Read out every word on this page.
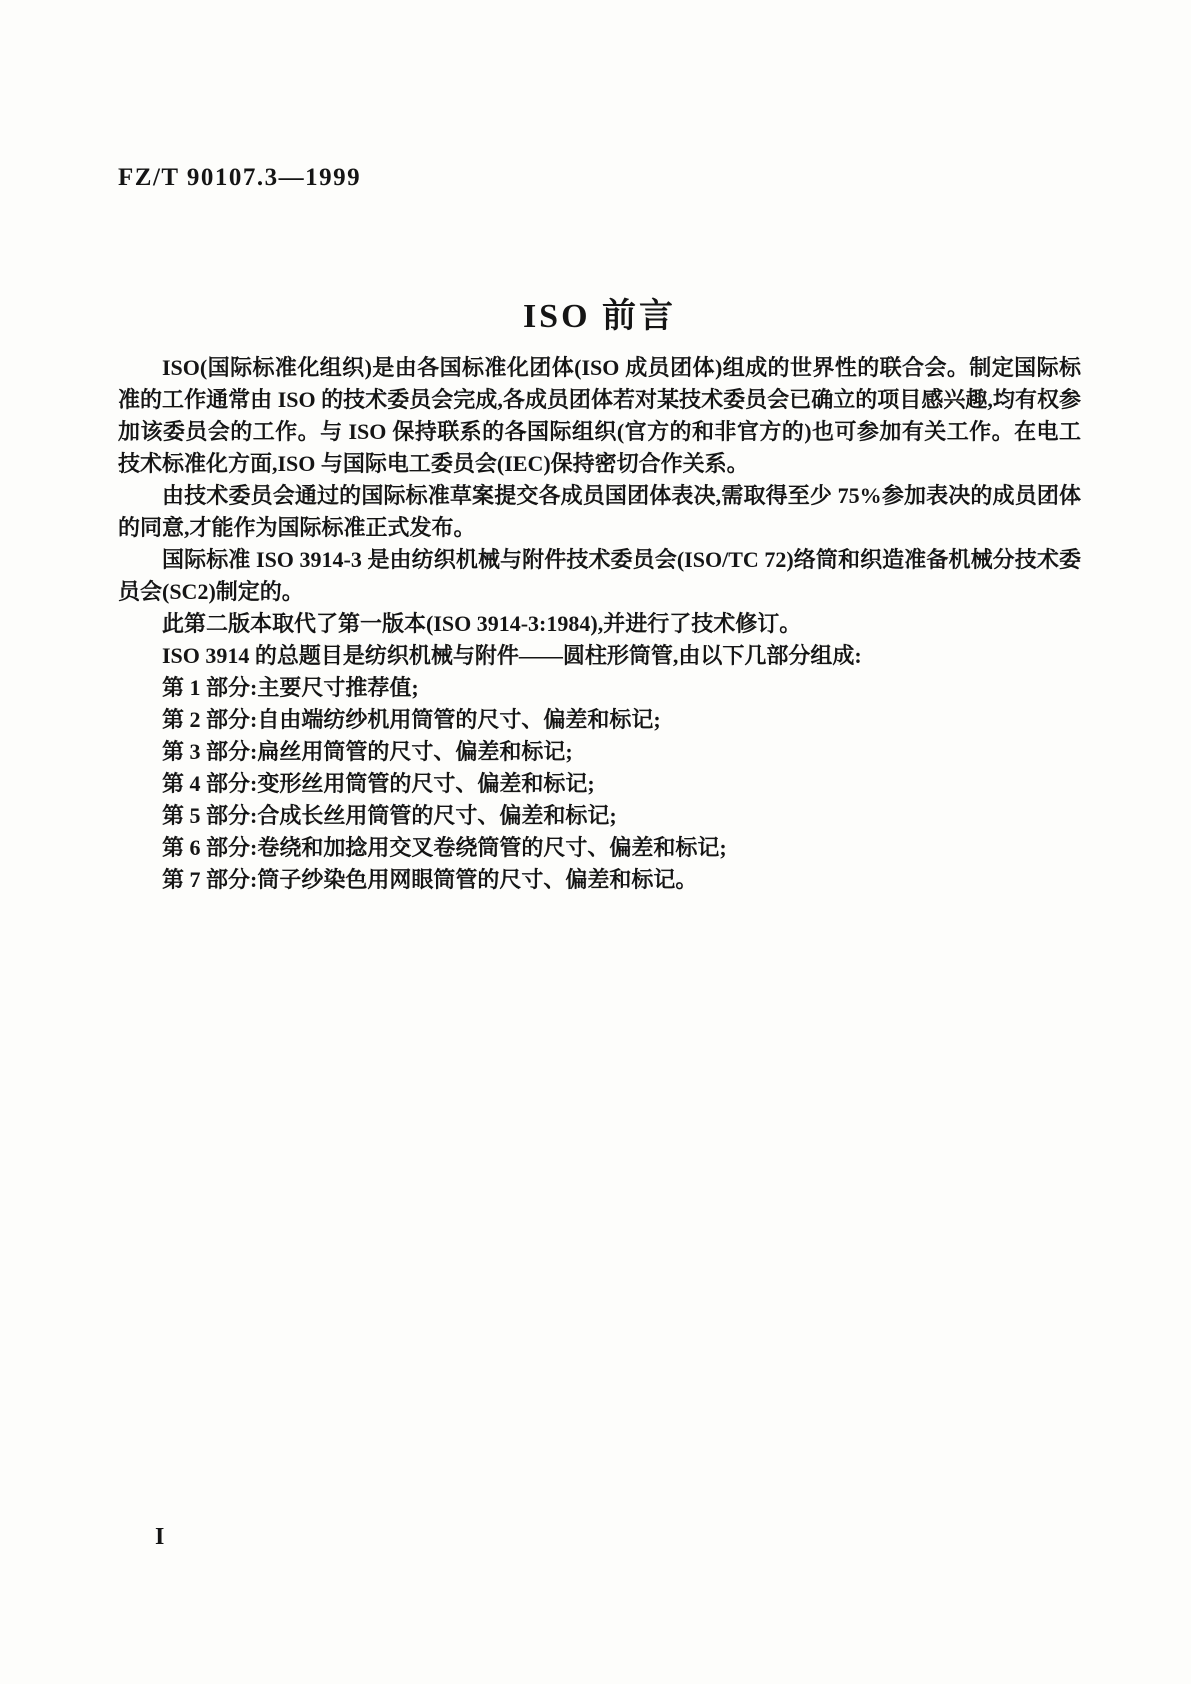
FZ/T 90107.3—1999
ISO 前言

ISO(国际标准化组织)是由各国标准化团体(ISO 成员团体)组成的世界性的联合会。制定国际标准的工作通常由 ISO 的技术委员会完成,各成员团体若对某技术委员会已确立的项目感兴趣,均有权参加该委员会的工作。与 ISO 保持联系的各国际组织(官方的和非官方的)也可参加有关工作。在电工技术标准化方面,ISO 与国际电工委员会(IEC)保持密切合作关系。

由技术委员会通过的国际标准草案提交各成员国团体表决,需取得至少 75%参加表决的成员团体的同意,才能作为国际标准正式发布。

国际标准 ISO 3914-3 是由纺织机械与附件技术委员会(ISO/TC 72)络筒和织造准备机械分技术委员会(SC2)制定的。

此第二版本取代了第一版本(ISO 3914-3:1984),并进行了技术修订。

ISO 3914 的总题目是纺织机械与附件——圆柱形筒管,由以下几部分组成:

第 1 部分:主要尺寸推荐值;

第 2 部分:自由端纺纱机用筒管的尺寸、偏差和标记;

第 3 部分:扁丝用筒管的尺寸、偏差和标记;

第 4 部分:变形丝用筒管的尺寸、偏差和标记;

第 5 部分:合成长丝用筒管的尺寸、偏差和标记;

第 6 部分:卷绕和加捻用交叉卷绕筒管的尺寸、偏差和标记;

第 7 部分:筒子纱染色用网眼筒管的尺寸、偏差和标记。

I
